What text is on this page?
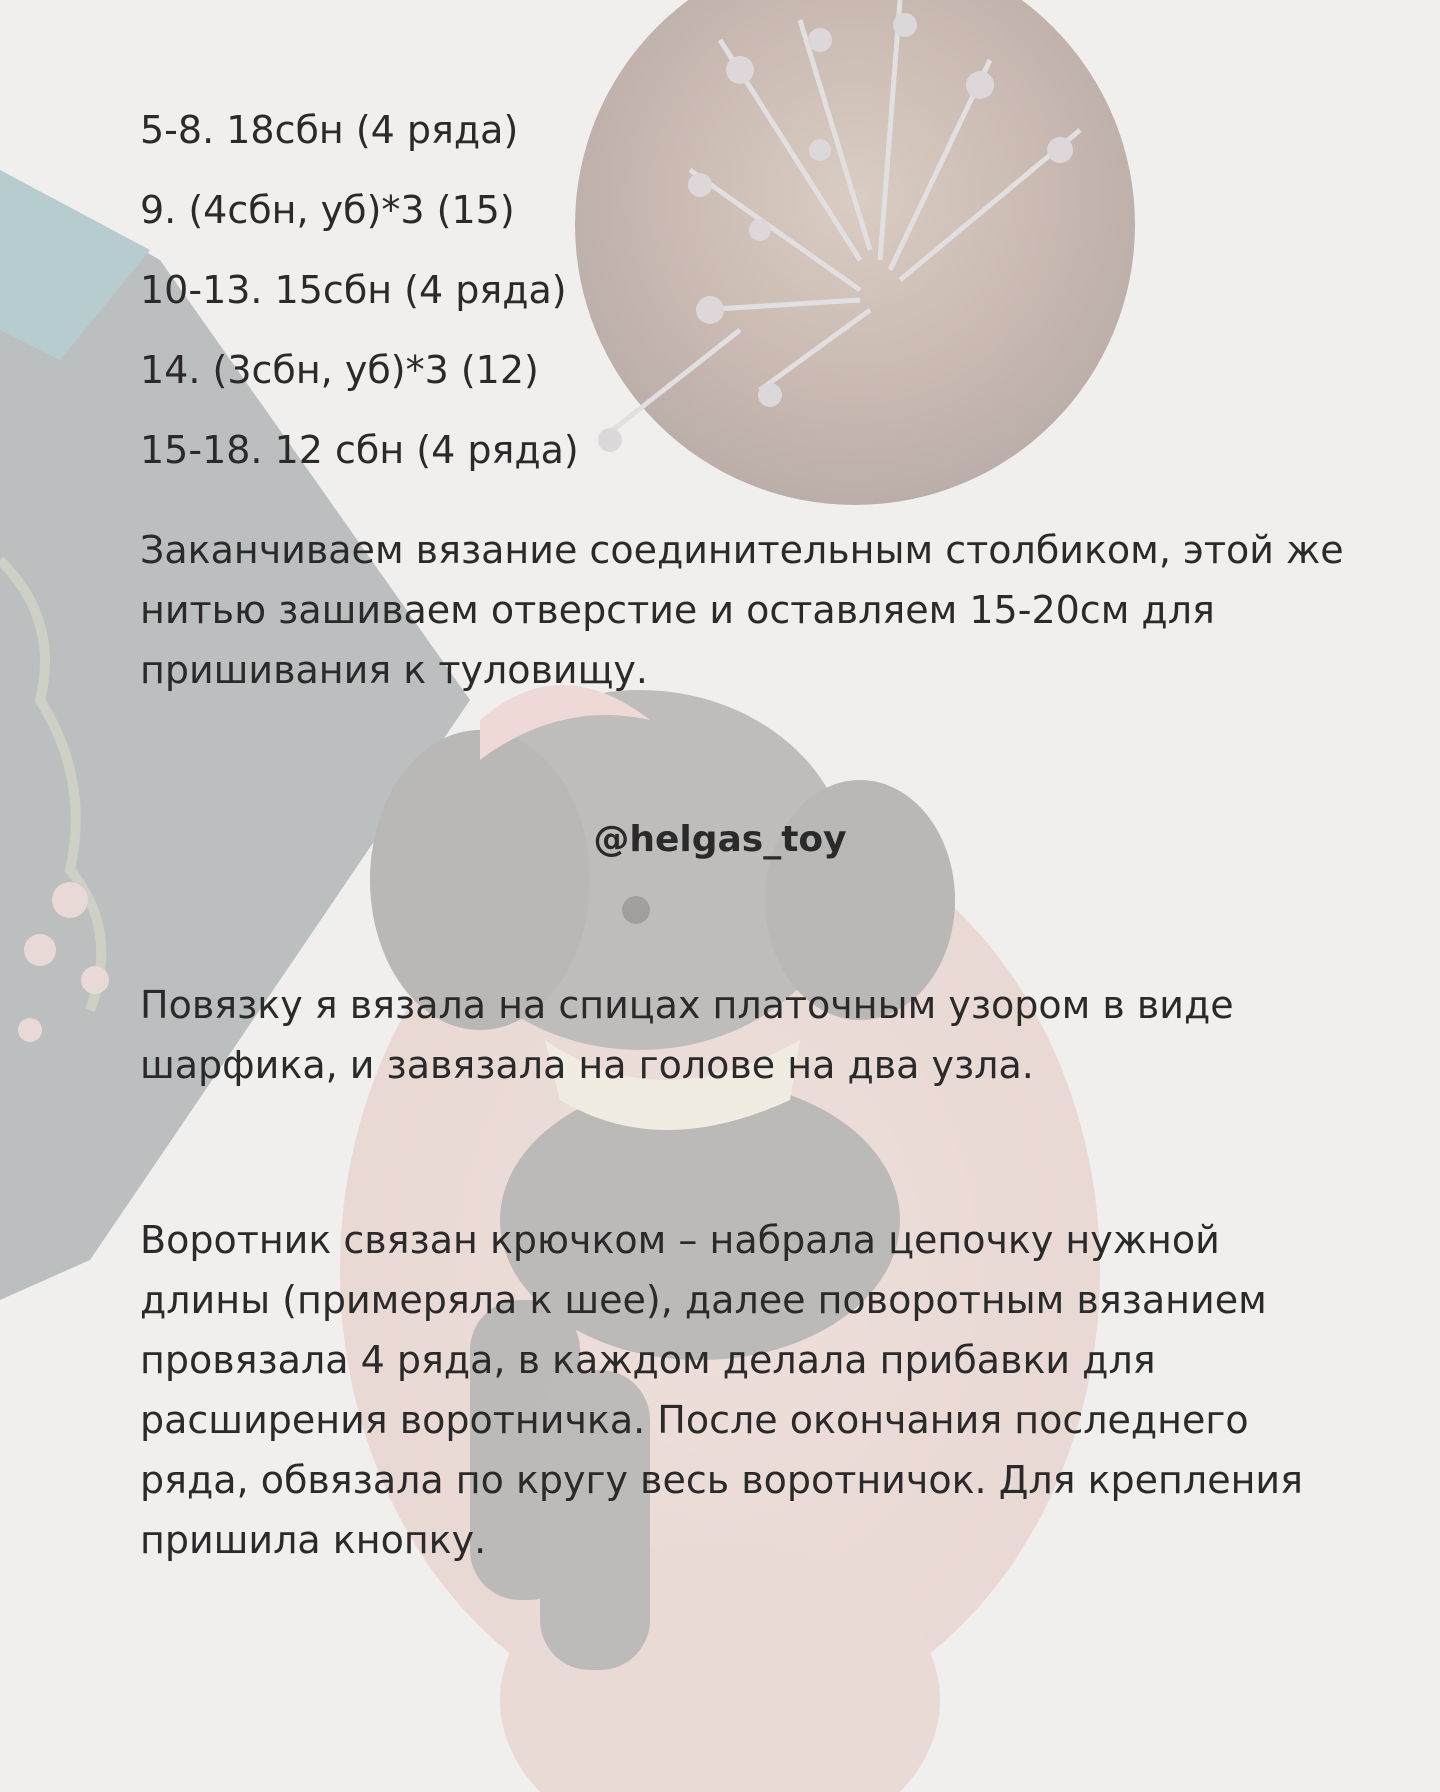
5-8. 18сбн (4 ряда)
9. (4сбн, уб)*3 (15)
10-13. 15сбн (4 ряда)
14. (3сбн, уб)*3 (12)
15-18. 12 сбн (4 ряда)

Заканчиваем вязание соединительным столбиком, этой же нитью зашиваем отверстие и оставляем 15-20см для пришивания к туловищу.

@helgas_toy

Повязку я вязала на спицах платочным узором в виде шарфика, и завязала на голове на два узла.

Воротник связан крючком – набрала цепочку нужной длины (примеряла к шее), далее поворотным вязанием провязала 4 ряда, в каждом делала прибавки для расширения воротничка. После окончания последнего ряда, обвязала по кругу весь воротничок. Для крепления пришила кнопку.
